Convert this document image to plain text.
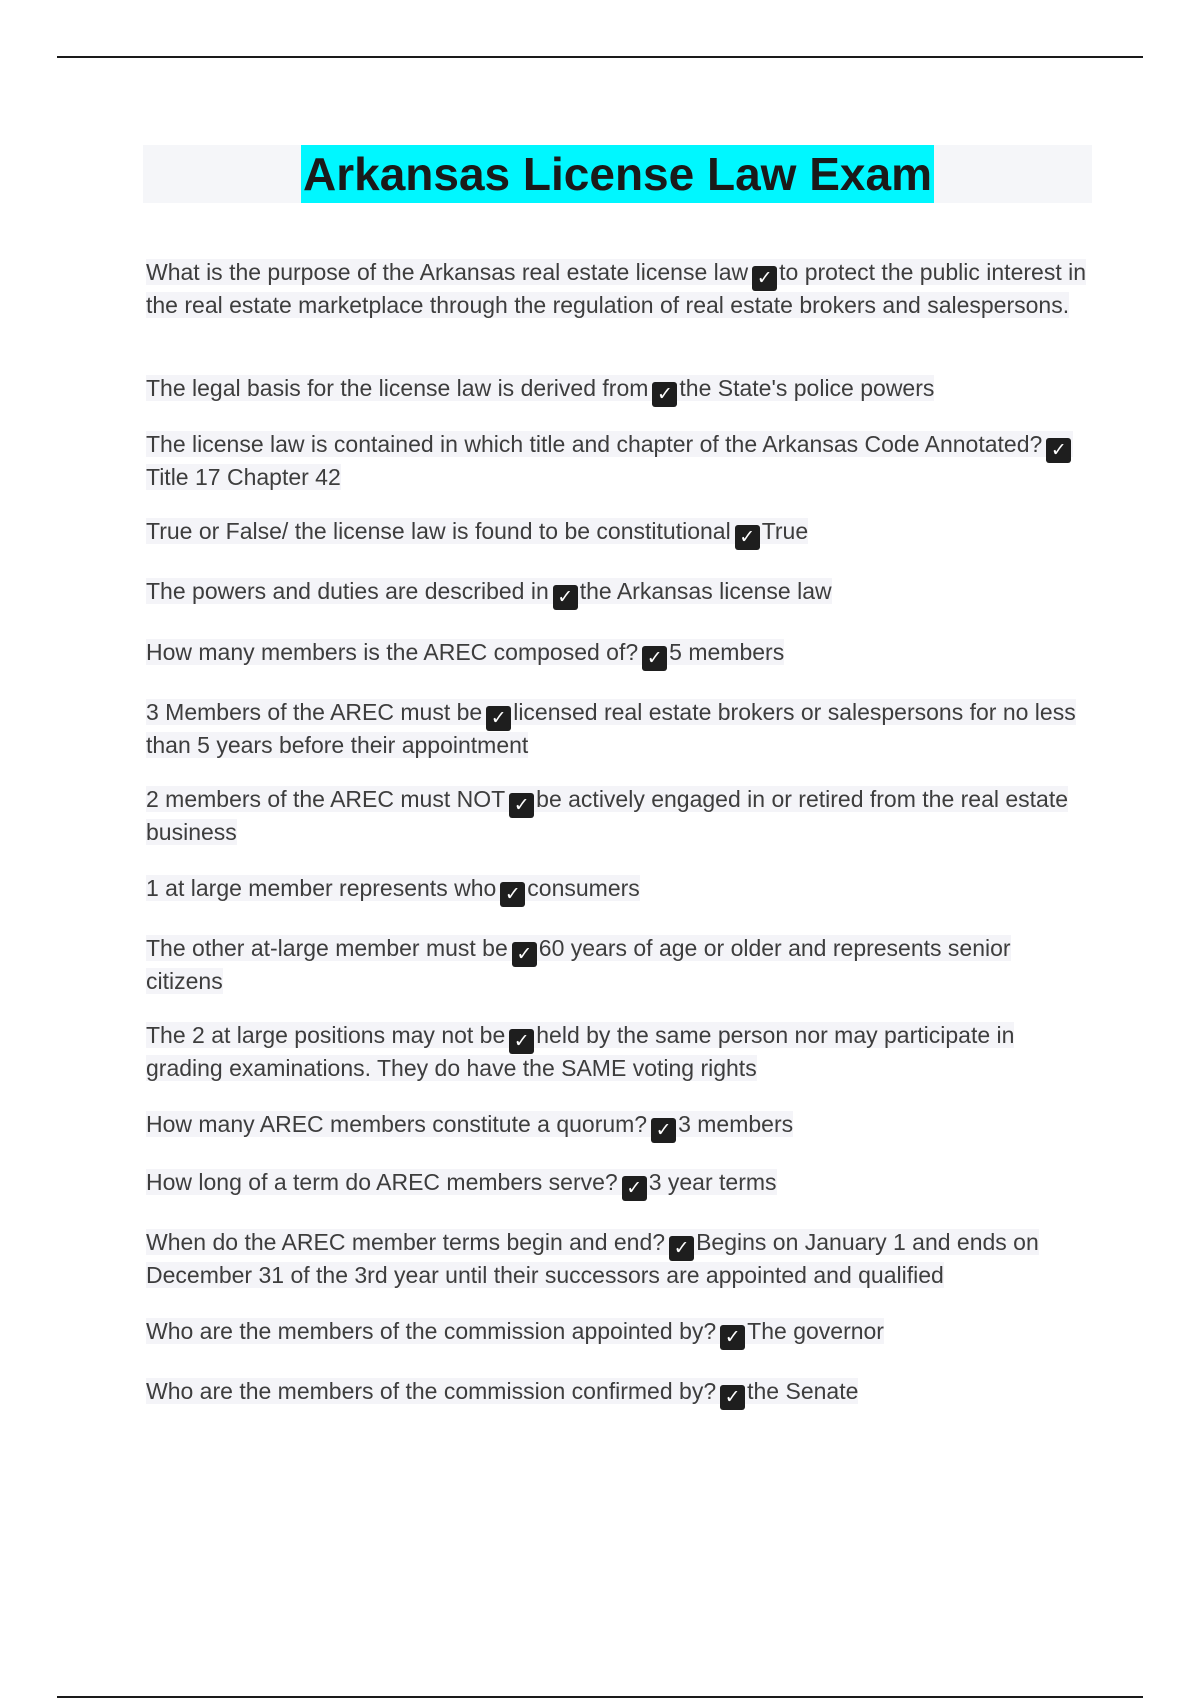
Arkansas License Law Exam
What is the purpose of the Arkansas real estate license law ✓ to protect the public interest in the real estate marketplace through the regulation of real estate brokers and salespersons.
The legal basis for the license law is derived from ✓ the State's police powers
The license law is contained in which title and chapter of the Arkansas Code Annotated? ✓Title 17 Chapter 42
True or False/ the license law is found to be constitutional ✓ True
The powers and duties are described in ✓ the Arkansas license law
How many members is the AREC composed of? ✓ 5 members
3 Members of the AREC must be ✓ licensed real estate brokers or salespersons for no less than 5 years before their appointment
2 members of the AREC must NOT ✓ be actively engaged in or retired from the real estate business
1 at large member represents who ✓ consumers
The other at-large member must be ✓ 60 years of age or older and represents senior citizens
The 2 at large positions may not be ✓ held by the same person nor may participate in grading examinations. They do have the SAME voting rights
How many AREC members constitute a quorum? ✓ 3 members
How long of a term do AREC members serve? ✓ 3 year terms
When do the AREC member terms begin and end? ✓ Begins on January 1 and ends on December 31 of the 3rd year until their successors are appointed and qualified
Who are the members of the commission appointed by? ✓ The governor
Who are the members of the commission confirmed by? ✓ the Senate
